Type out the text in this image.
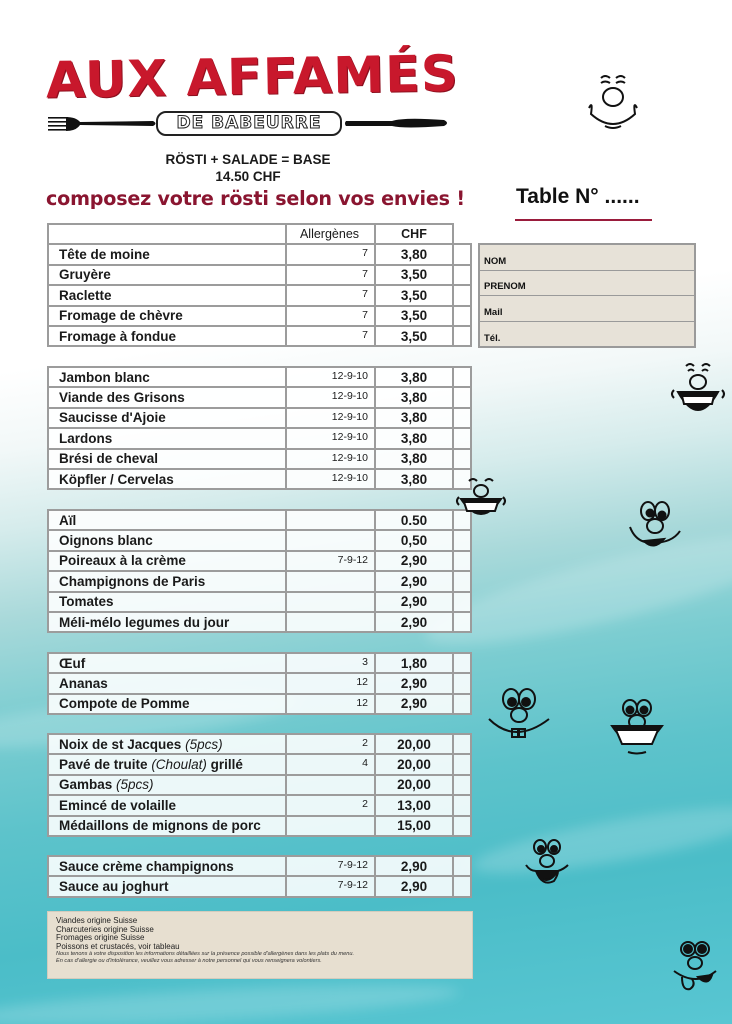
AUX AFFAMÉS
DE BABEURRE
RÖSTI + SALADE = BASE
14.50 CHF
composez votre rösti selon vos envies ! Table N° ......
NOM
PRENOM
Mail
Tél.
	Allergènes	CHF	
Tête de moine	7	3,80	
Gruyère	7	3,50	
Raclette	7	3,50	
Fromage de chèvre	7	3,50	
Fromage à fondue	7	3,50	
Jambon blanc	12-9-10	3,80	
Viande des Grisons	12-9-10	3,80	
Saucisse d'Ajoie	12-9-10	3,80	
Lardons	12-9-10	3,80	
Brési de cheval	12-9-10	3,80	
Köpfler / Cervelas	12-9-10	3,80	
Aïl		0.50	
Oignons blanc		0,50	
Poireaux à la crème	7-9-12	2,90	
Champignons de Paris		2,90	
Tomates		2,90	
Méli-mélo legumes du jour		2,90	
Œuf	3	1,80	
Ananas	12	2,90	
Compote de Pomme	12	2,90	
Noix de st Jacques (5pcs)	2	20,00	
Pavé de truite (Choulat) grillé	4	20,00	
Gambas (5pcs)		20,00	
Emincé de volaille	2	13,00	
Médaillons de mignons de porc		15,00	
Sauce crème champignons	7-9-12	2,90	
Sauce au joghurt	7-9-12	2,90	
Viandes origine Suisse
Charcuteries origine Suisse
Fromages origine Suisse
Poissons et crustacés, voir tableau
Nous tenons à votre disposition les informations détaillées sur la présence possible d'allergènes dans les plats du menu.
En cas d'allergie ou d'intolérance, veuillez vous adresser à notre personnel qui vous renseignera volontiers.
